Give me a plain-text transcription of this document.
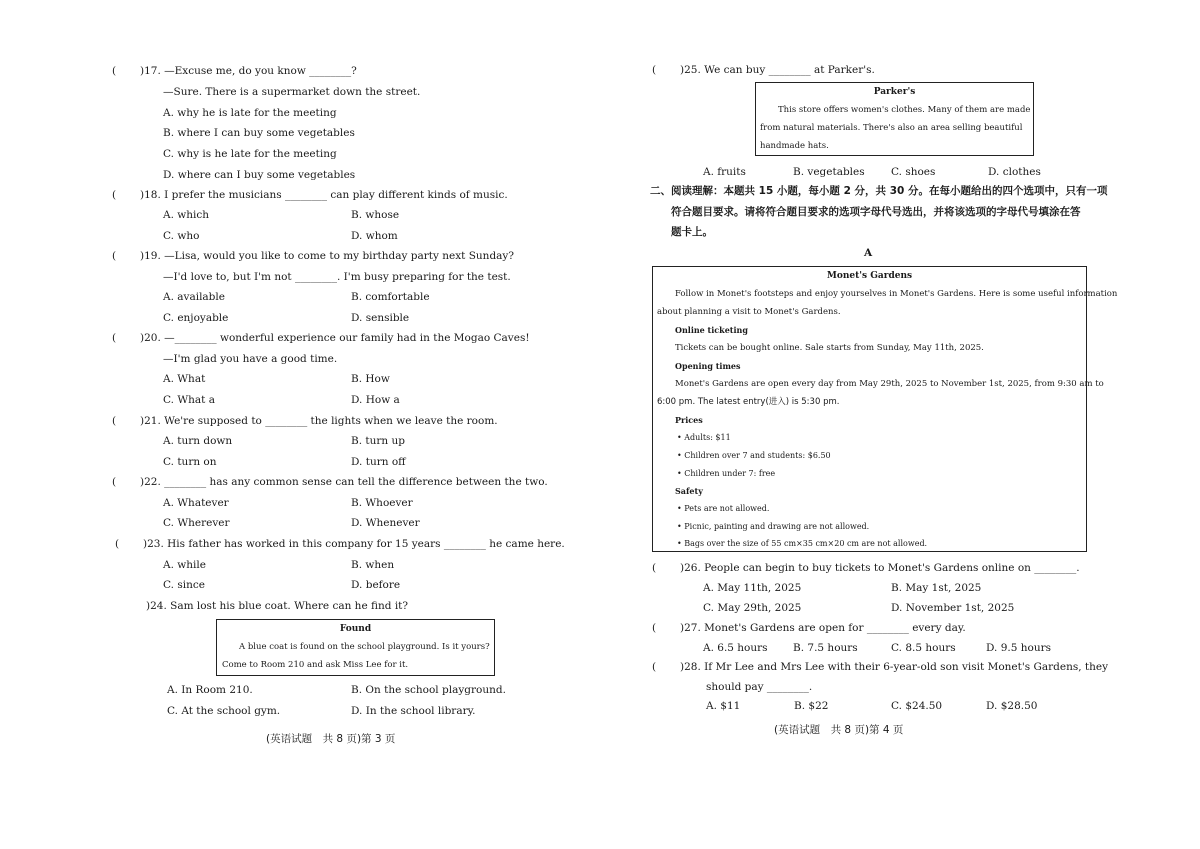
( )17. —Excuse me, do you know ________?
—Sure. There is a supermarket down the street.
A. why he is late for the meeting
B. where I can buy some vegetables
C. why is he late for the meeting
D. where can I buy some vegetables
( )18. I prefer the musicians ________ can play different kinds of music.
A. which	B. whose
C. who	D. whom
( )19. —Lisa, would you like to come to my birthday party next Sunday?
—I'd love to, but I'm not ________. I'm busy preparing for the test.
A. available	B. comfortable
C. enjoyable	D. sensible
( )20. —________ wonderful experience our family had in the Mogao Caves!
—I'm glad you have a good time.
A. What	B. How
C. What a	D. How a
( )21. We're supposed to ________ the lights when we leave the room.
A. turn down	B. turn up
C. turn on	D. turn off
( )22. ________ has any common sense can tell the difference between the two.
A. Whatever	B. Whoever
C. Wherever	D. Whenever
( )23. His father has worked in this company for 15 years ________ he came here.
A. while	B. when
C. since	D. before
)24. Sam lost his blue coat. Where can he find it?
Found
A blue coat is found on the school playground. Is it yours?
Come to Room 210 and ask Miss Lee for it.
A. In Room 210.	B. On the school playground.
C. At the school gym.	D. In the school library.
(英语试题　共 8 页)第 3 页
( )25. We can buy ________ at Parker's.
Parker's
This store offers women's clothes. Many of them are made
from natural materials. There's also an area selling beautiful
handmade hats.
A. fruits	B. vegetables	C. shoes	D. clothes
二、阅读理解：本题共 15 小题，每小题 2 分，共 30 分。在每小题给出的四个选项中，只有一项
符合题目要求。请将符合题目要求的选项字母代号选出，并将该选项的字母代号填涂在答
题卡上。
A
Monet's Gardens
Follow in Monet's footsteps and enjoy yourselves in Monet's Gardens. Here is some useful information
about planning a visit to Monet's Gardens.
Online ticketing
Tickets can be bought online. Sale starts from Sunday, May 11th, 2025.
Opening times
Monet's Gardens are open every day from May 29th, 2025 to November 1st, 2025, from 9:30 am to
6:00 pm. The latest entry(进入) is 5:30 pm.
Prices
• Adults: $11
• Children over 7 and students: $6.50
• Children under 7: free
Safety
• Pets are not allowed.
• Picnic, painting and drawing are not allowed.
• Bags over the size of 55 cm×35 cm×20 cm are not allowed.
( )26. People can begin to buy tickets to Monet's Gardens online on ________.
A. May 11th, 2025	B. May 1st, 2025
C. May 29th, 2025	D. November 1st, 2025
( )27. Monet's Gardens are open for ________ every day.
A. 6.5 hours B. 7.5 hours	C. 8.5 hours	D. 9.5 hours
( )28. If Mr Lee and Mrs Lee with their 6-year-old son visit Monet's Gardens, they
should pay ________.
A. $11	B. $22	C. $24.50	D. $28.50
(英语试题　共 8 页)第 4 页
